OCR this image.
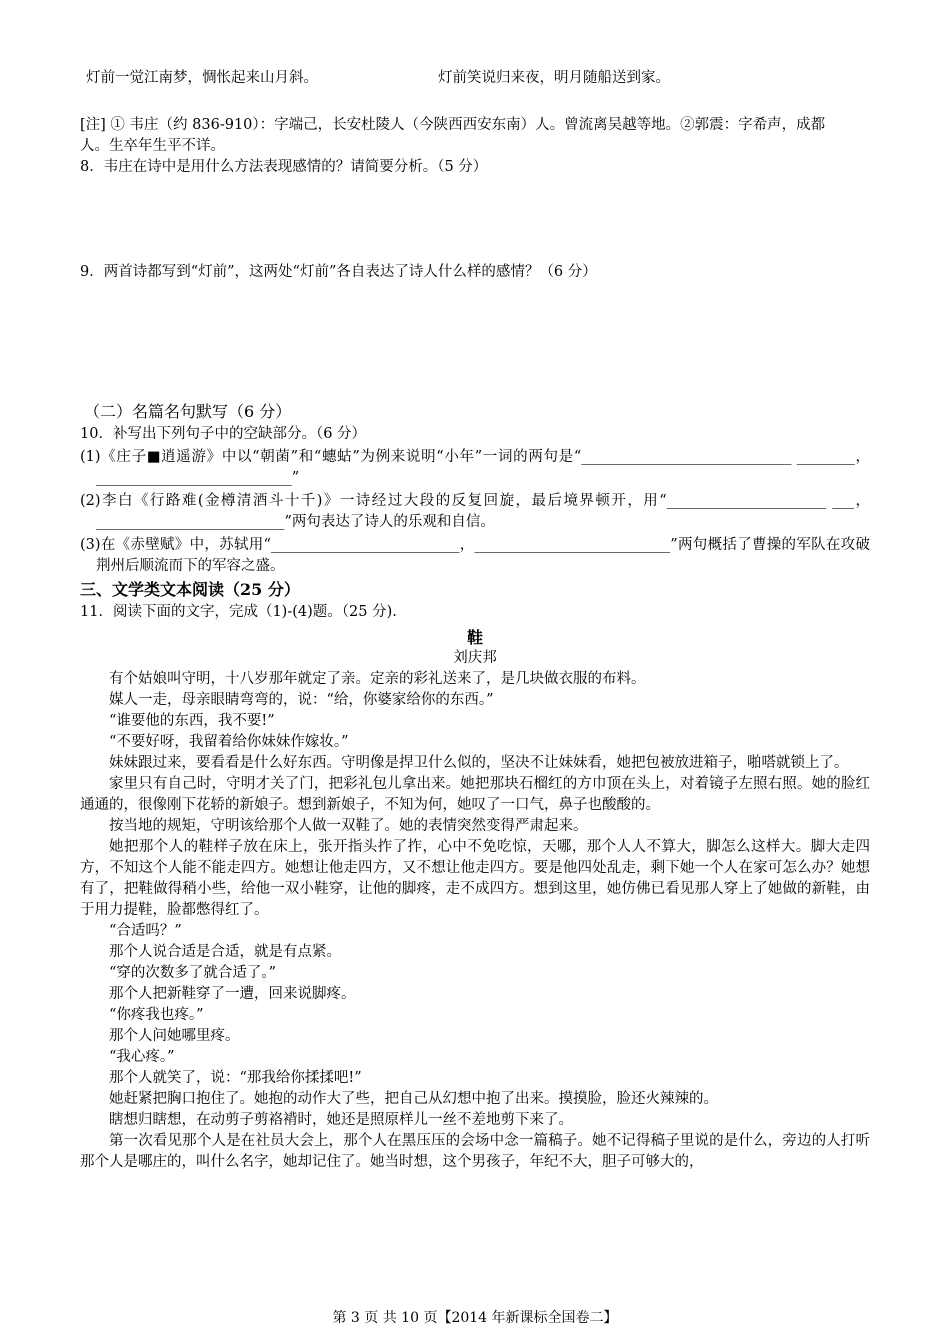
灯前一觉江南梦，惆怅起来山月斜。	灯前笑说归来夜，明月随船送到家。

[注] ① 韦庄（约 836-910）：字端己，长安杜陵人（今陕西西安东南）人。曾流离吴越等地。②郭震：字希声，成都

人。生卒年生平不详。

8．韦庄在诗中是用什么方法表现感情的？请简要分析。（5 分）

9．两首诗都写到“灯前”，这两处“灯前”各自表达了诗人什么样的感情？（6 分）

（二）名篇名句默写（6 分）

10．补写出下列句子中的空缺部分。（6 分）

(1)《庄子■逍遥游》中以“朝菌”和“蟪蛄”为例来说明“小年”一词的两句是“_____________________________ ________，___________________________”

(2)李白《行路难(金樽清酒斗十千)》一诗经过大段的反复回旋，最后境界顿开，用“______________________ ___，__________________________”两句表达了诗人的乐观和自信。

(3)在《赤壁赋》中，苏轼用“__________________________，___________________________”两句概括了曹操的军队在攻破荆州后顺流而下的军容之盛。

三、文学类文本阅读（25 分）

11．阅读下面的文字，完成（1)-(4)题。（25 分).

鞋

刘庆邦

有个姑娘叫守明，十八岁那年就定了亲。定亲的彩礼送来了，是几块做衣服的布料。

媒人一走，母亲眼睛弯弯的，说：“给，你婆家给你的东西。”

“谁要他的东西，我不要!”

“不要好呀，我留着给你妹妹作嫁妆。”

妹妹跟过来，要看看是什么好东西。守明像是捍卫什么似的，坚决不让妹妹看，她把包被放进箱子，啪嗒就锁上了。

家里只有自己时，守明才关了门，把彩礼包儿拿出来。她把那块石榴红的方巾顶在头上，对着镜子左照右照。她的脸红通通的，很像刚下花轿的新娘子。想到新娘子，不知为何，她叹了一口气，鼻子也酸酸的。

按当地的规矩，守明该给那个人做一双鞋了。她的表情突然变得严肃起来。

她把那个人的鞋样子放在床上，张开指头拃了拃，心中不免吃惊，天哪，那个人人不算大，脚怎么这样大。脚大走四方，不知这个人能不能走四方。她想让他走四方，又不想让他走四方。要是他四处乱走，剩下她一个人在家可怎么办？她想有了，把鞋做得稍小些，给他一双小鞋穿，让他的脚疼，走不成四方。想到这里，她仿佛已看见那人穿上了她做的新鞋，由于用力提鞋，脸都憋得红了。

“合适吗？”

那个人说合适是合适，就是有点紧。

“穿的次数多了就合适了。”

那个人把新鞋穿了一遭，回来说脚疼。

“你疼我也疼。”

那个人问她哪里疼。

“我心疼。”

那个人就笑了，说：“那我给你揉揉吧!”

她赶紧把胸口抱住了。她抱的动作大了些，把自己从幻想中抱了出来。摸摸脸，脸还火辣辣的。

瞎想归瞎想，在动剪子剪袼褙时，她还是照原样儿一丝不差地剪下来了。

第一次看见那个人是在社员大会上，那个人在黑压压的会场中念一篇稿子。她不记得稿子里说的是什么，旁边的人打听那个人是哪庄的，叫什么名字，她却记住了。她当时想，这个男孩子，年纪不大，胆子可够大的，

第 3 页 共 10 页【2014 年新课标全国卷二】
